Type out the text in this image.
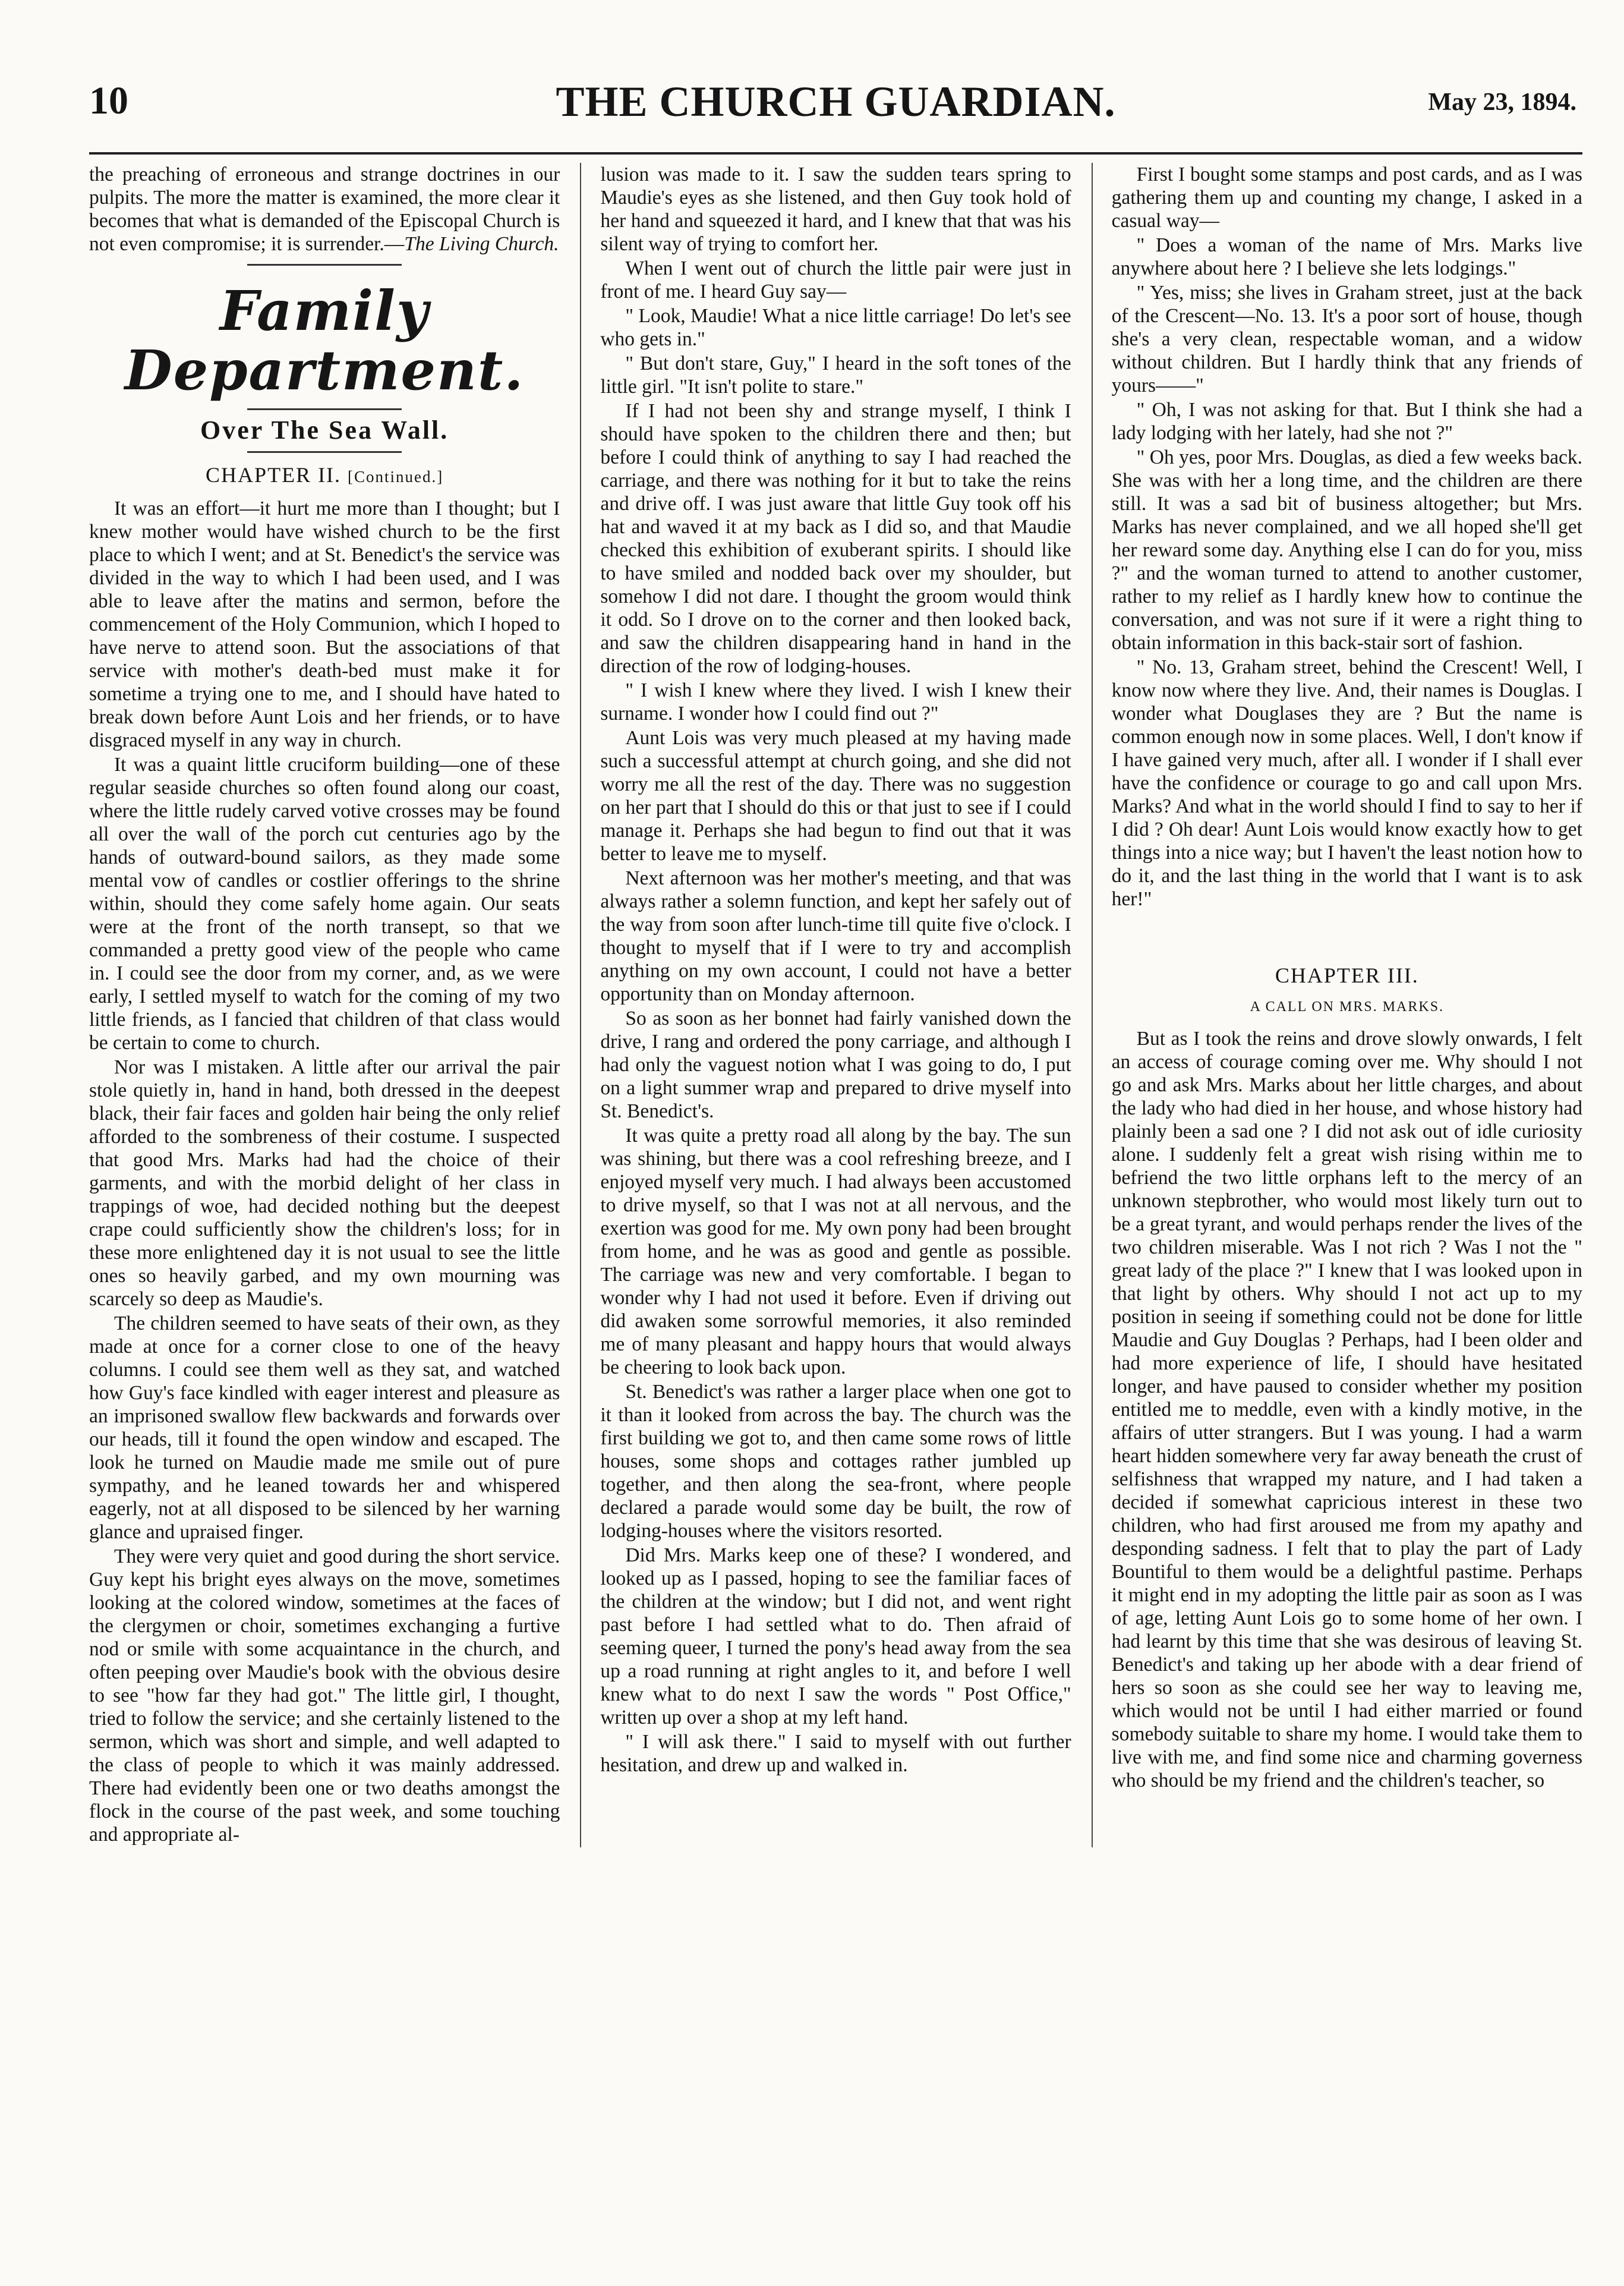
10	THE CHURCH GUARDIAN.	May 23, 1894.

the preaching of erroneous and strange doctrines in our pulpits. The more the matter is examined, the more clear it becomes that what is demanded of the Episcopal Church is not even compromise; it is surrender.—The Living Church.

Family Department.
Over The Sea Wall.
CHAPTER II. [Continued.]

It was an effort—it hurt me more than I thought; but I knew mother would have wished church to be the first place to which I went; and at St. Benedict's the service was divided in the way to which I had been used, and I was able to leave after the matins and sermon, before the commencement of the Holy Communion, which I hoped to have nerve to attend soon. But the associations of that service with mother's death-bed must make it for sometime a trying one to me, and I should have hated to break down before Aunt Lois and her friends, or to have disgraced myself in any way in church.

It was a quaint little cruciform building—one of these regular seaside churches so often found along our coast, where the little rudely carved votive crosses may be found all over the wall of the porch cut centuries ago by the hands of outward-bound sailors, as they made some mental vow of candles or costlier offerings to the shrine within, should they come safely home again. Our seats were at the front of the north transept, so that we commanded a pretty good view of the people who came in. I could see the door from my corner, and, as we were early, I settled myself to watch for the coming of my two little friends, as I fancied that children of that class would be certain to come to church.

Nor was I mistaken. A little after our arrival the pair stole quietly in, hand in hand, both dressed in the deepest black, their fair faces and golden hair being the only relief afforded to the sombreness of their costume. I suspected that good Mrs. Marks had had the choice of their garments, and with the morbid delight of her class in trappings of woe, had decided nothing but the deepest crape could sufficiently show the children's loss; for in these more enlightened day it is not usual to see the little ones so heavily garbed, and my own mourning was scarcely so deep as Maudie's.

The children seemed to have seats of their own, as they made at once for a corner close to one of the heavy columns. I could see them well as they sat, and watched how Guy's face kindled with eager interest and pleasure as an imprisoned swallow flew backwards and forwards over our heads, till it found the open window and escaped. The look he turned on Maudie made me smile out of pure sympathy, and he leaned towards her and whispered eagerly, not at all disposed to be silenced by her warning glance and upraised finger.

They were very quiet and good during the short service. Guy kept his bright eyes always on the move, sometimes looking at the colored window, sometimes at the faces of the clergymen or choir, sometimes exchanging a furtive nod or smile with some acquaintance in the church, and often peeping over Maudie's book with the obvious desire to see "how far they had got." The little girl, I thought, tried to follow the service; and she certainly listened to the sermon, which was short and simple, and well adapted to the class of people to which it was mainly addressed. There had evidently been one or two deaths amongst the flock in the course of the past week, and some touching and appropriate al-

lusion was made to it. I saw the sudden tears spring to Maudie's eyes as she listened, and then Guy took hold of her hand and squeezed it hard, and I knew that that was his silent way of trying to comfort her.

When I went out of church the little pair were just in front of me. I heard Guy say—

" Look, Maudie! What a nice little carriage! Do let's see who gets in."

" But don't stare, Guy," I heard in the soft tones of the little girl. "It isn't polite to stare."

If I had not been shy and strange myself, I think I should have spoken to the children there and then; but before I could think of anything to say I had reached the carriage, and there was nothing for it but to take the reins and drive off. I was just aware that little Guy took off his hat and waved it at my back as I did so, and that Maudie checked this exhibition of exuberant spirits. I should like to have smiled and nodded back over my shoulder, but somehow I did not dare. I thought the groom would think it odd. So I drove on to the corner and then looked back, and saw the children disappearing hand in hand in the direction of the row of lodging-houses.

" I wish I knew where they lived. I wish I knew their surname. I wonder how I could find out ?"

Aunt Lois was very much pleased at my having made such a successful attempt at church going, and she did not worry me all the rest of the day. There was no suggestion on her part that I should do this or that just to see if I could manage it. Perhaps she had begun to find out that it was better to leave me to myself.

Next afternoon was her mother's meeting, and that was always rather a solemn function, and kept her safely out of the way from soon after lunch-time till quite five o'clock. I thought to myself that if I were to try and accomplish anything on my own account, I could not have a better opportunity than on Monday afternoon.

So as soon as her bonnet had fairly vanished down the drive, I rang and ordered the pony carriage, and although I had only the vaguest notion what I was going to do, I put on a light summer wrap and prepared to drive myself into St. Benedict's.

It was quite a pretty road all along by the bay. The sun was shining, but there was a cool refreshing breeze, and I enjoyed myself very much. I had always been accustomed to drive myself, so that I was not at all nervous, and the exertion was good for me. My own pony had been brought from home, and he was as good and gentle as possible. The carriage was new and very comfortable. I began to wonder why I had not used it before. Even if driving out did awaken some sorrowful memories, it also reminded me of many pleasant and happy hours that would always be cheering to look back upon.

St. Benedict's was rather a larger place when one got to it than it looked from across the bay. The church was the first building we got to, and then came some rows of little houses, some shops and cottages rather jumbled up together, and then along the sea-front, where people declared a parade would some day be built, the row of lodging-houses where the visitors resorted.

Did Mrs. Marks keep one of these? I wondered, and looked up as I passed, hoping to see the familiar faces of the children at the window; but I did not, and went right past before I had settled what to do. Then afraid of seeming queer, I turned the pony's head away from the sea up a road running at right angles to it, and before I well knew what to do next I saw the words " Post Office," written up over a shop at my left hand.

" I will ask there." I said to myself with out further hesitation, and drew up and walked in.

First I bought some stamps and post cards, and as I was gathering them up and counting my change, I asked in a casual way—

" Does a woman of the name of Mrs. Marks live anywhere about here ? I believe she lets lodgings."

" Yes, miss; she lives in Graham street, just at the back of the Crescent—No. 13. It's a poor sort of house, though she's a very clean, respectable woman, and a widow without children. But I hardly think that any friends of yours——"

" Oh, I was not asking for that. But I think she had a lady lodging with her lately, had she not ?"

" Oh yes, poor Mrs. Douglas, as died a few weeks back. She was with her a long time, and the children are there still. It was a sad bit of business altogether; but Mrs. Marks has never complained, and we all hoped she'll get her reward some day. Anything else I can do for you, miss ?" and the woman turned to attend to another customer, rather to my relief as I hardly knew how to continue the conversation, and was not sure if it were a right thing to obtain information in this back-stair sort of fashion.

" No. 13, Graham street, behind the Crescent! Well, I know now where they live. And, their names is Douglas. I wonder what Douglases they are ? But the name is common enough now in some places. Well, I don't know if I have gained very much, after all. I wonder if I shall ever have the confidence or courage to go and call upon Mrs. Marks? And what in the world should I find to say to her if I did ? Oh dear! Aunt Lois would know exactly how to get things into a nice way; but I haven't the least notion how to do it, and the last thing in the world that I want is to ask her!"

CHAPTER III.
A CALL ON MRS. MARKS.

But as I took the reins and drove slowly onwards, I felt an access of courage coming over me. Why should I not go and ask Mrs. Marks about her little charges, and about the lady who had died in her house, and whose history had plainly been a sad one ? I did not ask out of idle curiosity alone. I suddenly felt a great wish rising within me to befriend the two little orphans left to the mercy of an unknown stepbrother, who would most likely turn out to be a great tyrant, and would perhaps render the lives of the two children miserable. Was I not rich ? Was I not the " great lady of the place ?" I knew that I was looked upon in that light by others. Why should I not act up to my position in seeing if something could not be done for little Maudie and Guy Douglas ? Perhaps, had I been older and had more experience of life, I should have hesitated longer, and have paused to consider whether my position entitled me to meddle, even with a kindly motive, in the affairs of utter strangers. But I was young. I had a warm heart hidden somewhere very far away beneath the crust of selfishness that wrapped my nature, and I had taken a decided if somewhat capricious interest in these two children, who had first aroused me from my apathy and desponding sadness. I felt that to play the part of Lady Bountiful to them would be a delightful pastime. Perhaps it might end in my adopting the little pair as soon as I was of age, letting Aunt Lois go to some home of her own. I had learnt by this time that she was desirous of leaving St. Benedict's and taking up her abode with a dear friend of hers so soon as she could see her way to leaving me, which would not be until I had either married or found somebody suitable to share my home. I would take them to live with me, and find some nice and charming governess who should be my friend and the children's teacher, so
